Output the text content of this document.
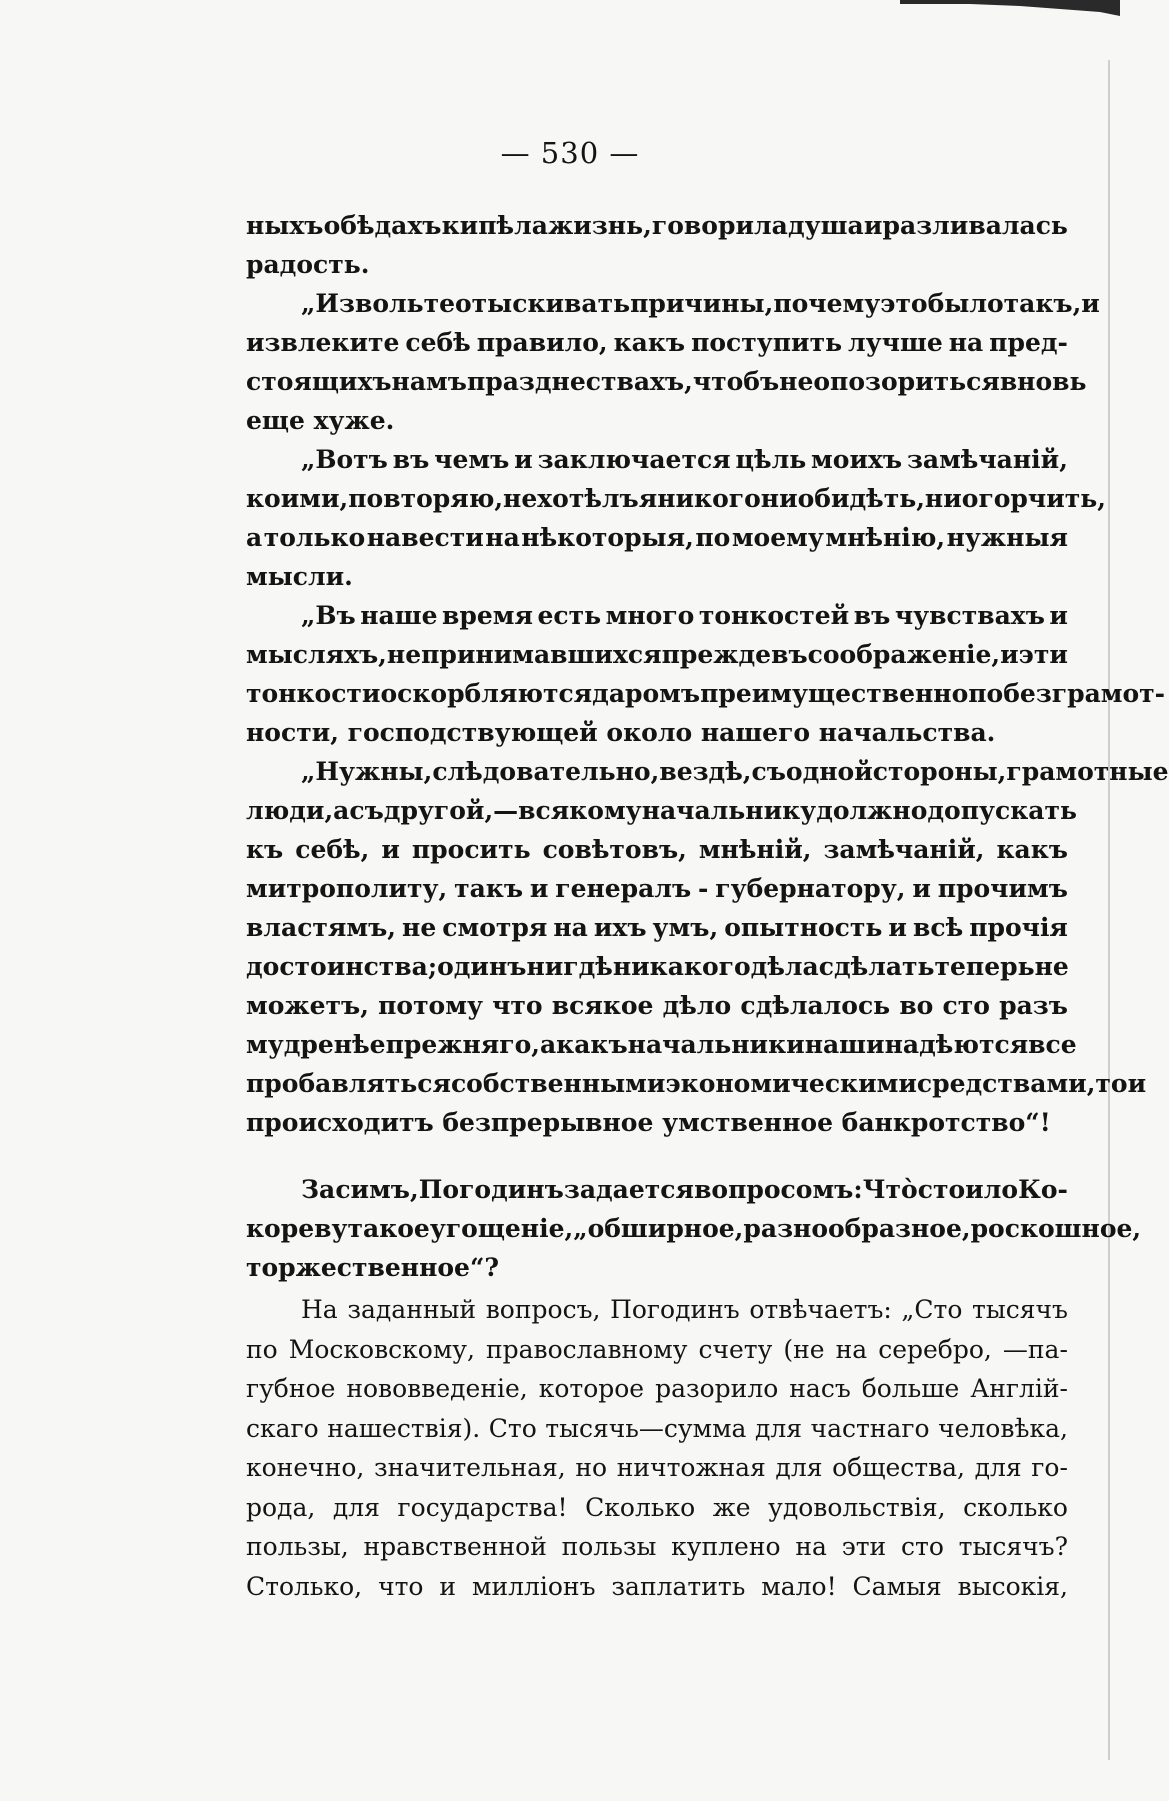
— 530 —
ныхъ обѣдахъ кипѣла жизнь, говорила душа и разливалась
радость.
„Извольте отыскивать причины, почему это было такъ, и
извлеките себѣ правило, какъ поступить лучше на пред-
стоящихъ намъ празднествахъ, чтобъ не опозориться вновь
еще хуже.
„Вотъ въ чемъ и заключается цѣль моихъ замѣчаній,
коими, повторяю, не хотѣлъ я никого ни обидѣть, ни огорчить,
а только навести на нѣкоторыя, по моему мнѣнію, нужныя
мысли.
„Въ наше время есть много тонкостей въ чувствахъ и
мысляхъ, не принимавшихся прежде въ соображеніе, и эти
тонкости оскорбляются даромъ преимущественно по безграмот-
ности, господствующей около нашего начальства.
„Нужны, слѣдовательно, вездѣ, съ одной стороны, грамотные
люди, а съ другой, —всякому начальнику должно допускать
къ себѣ, и просить совѣтовъ, мнѣній, замѣчаній, какъ
митрополиту, такъ и генералъ - губернатору, и прочимъ
властямъ, не смотря на ихъ умъ, опытность и всѣ прочія
достоинства; одинъ нигдѣ никакого дѣла сдѣлать теперь не
можетъ, потому что всякое дѣло сдѣлалось во сто разъ
мудренѣе прежняго, а какъ начальники наши надѣются все
пробавляться собственными экономическими средствами, то и
происходитъ безпрерывное умственное банкротство“!
За симъ, Погодинъ задается вопросомъ: Чтò стоило Ко-
кореву такое угощеніе, „обширное, разнообразное, роскошное,
торжественное“?
На заданный вопросъ, Погодинъ отвѣчаетъ: „Сто тысячъ
по Московскому, православному счету (не на серебро, —па-
губное нововведеніе, которое разорило насъ больше Англій-
скаго нашествія). Сто тысячь—сумма для частнаго человѣка,
конечно, значительная, но ничтожная для общества, для го-
рода, для государства! Сколько же удовольствія, сколько
пользы, нравственной пользы куплено на эти сто тысячъ?
Столько, что и милліонъ заплатить мало! Самыя высокія,
